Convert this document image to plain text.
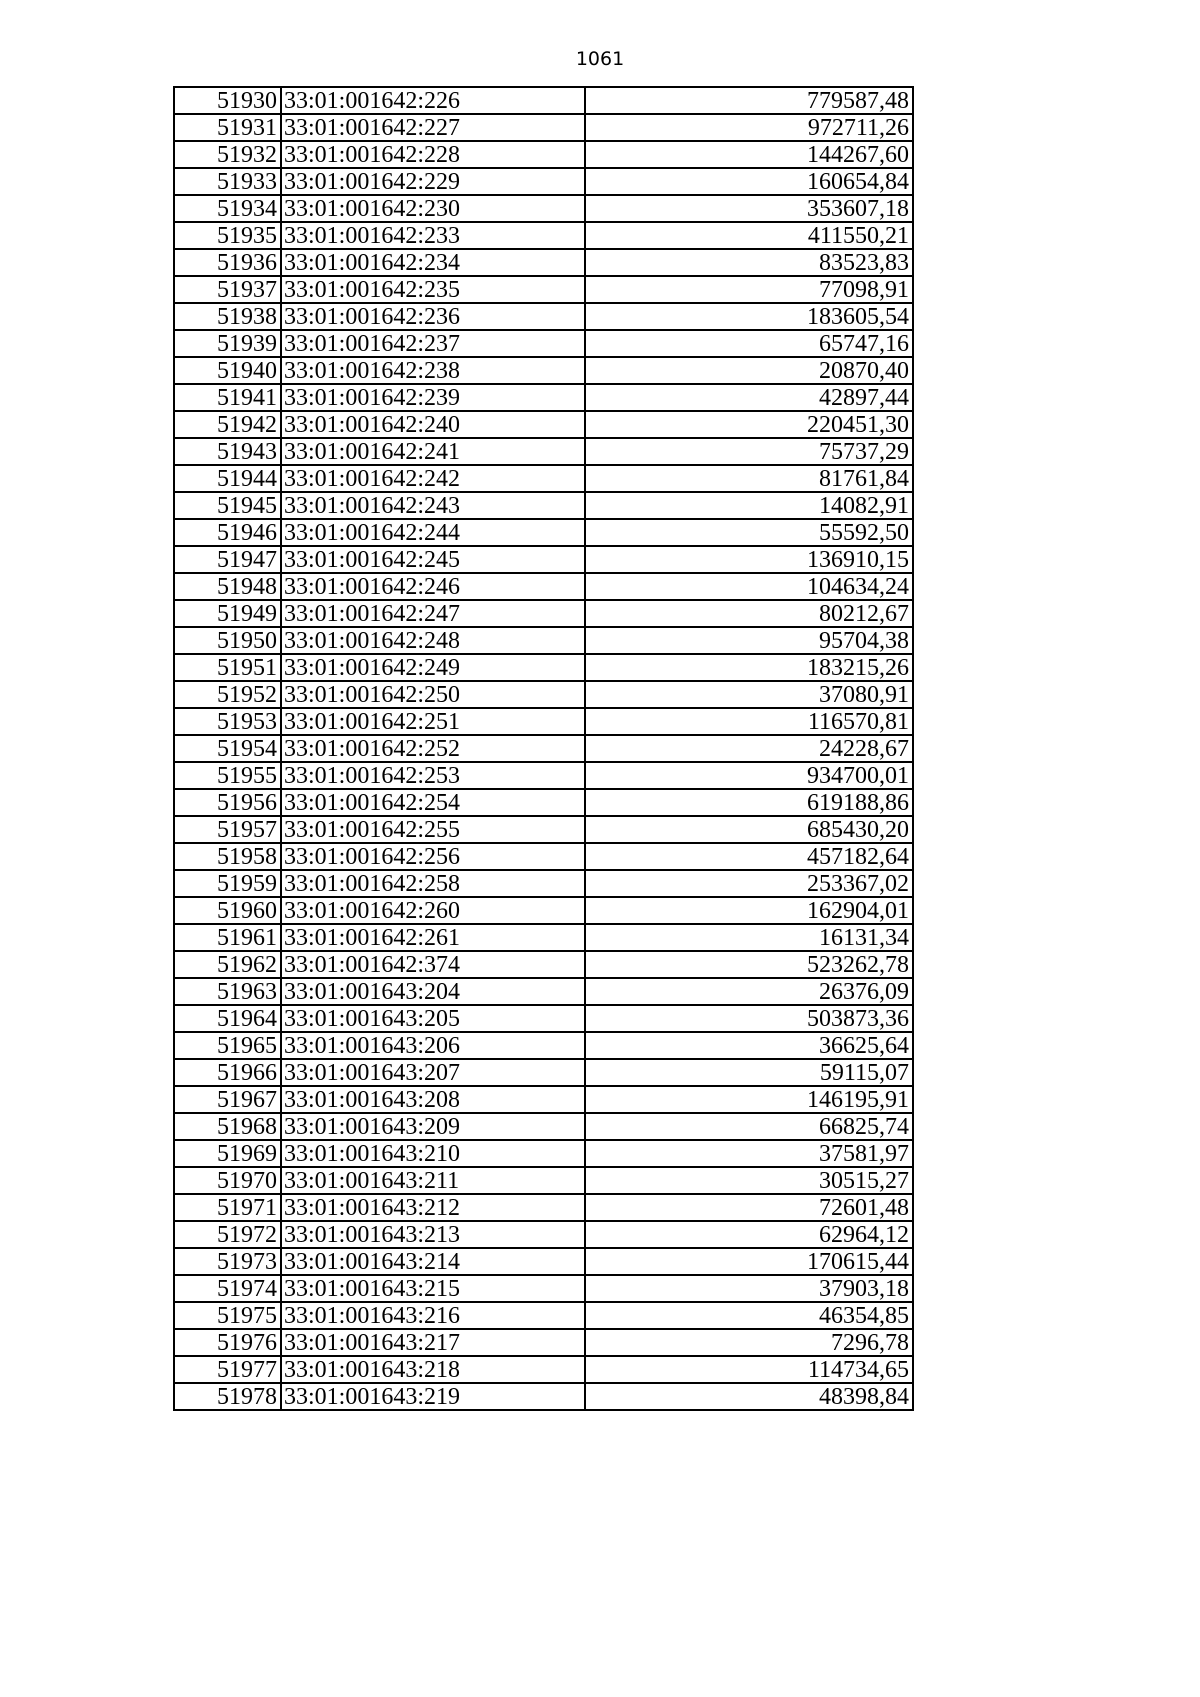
1061
51930	33:01:001642:226	779587,48
51931	33:01:001642:227	972711,26
51932	33:01:001642:228	144267,60
51933	33:01:001642:229	160654,84
51934	33:01:001642:230	353607,18
51935	33:01:001642:233	411550,21
51936	33:01:001642:234	83523,83
51937	33:01:001642:235	77098,91
51938	33:01:001642:236	183605,54
51939	33:01:001642:237	65747,16
51940	33:01:001642:238	20870,40
51941	33:01:001642:239	42897,44
51942	33:01:001642:240	220451,30
51943	33:01:001642:241	75737,29
51944	33:01:001642:242	81761,84
51945	33:01:001642:243	14082,91
51946	33:01:001642:244	55592,50
51947	33:01:001642:245	136910,15
51948	33:01:001642:246	104634,24
51949	33:01:001642:247	80212,67
51950	33:01:001642:248	95704,38
51951	33:01:001642:249	183215,26
51952	33:01:001642:250	37080,91
51953	33:01:001642:251	116570,81
51954	33:01:001642:252	24228,67
51955	33:01:001642:253	934700,01
51956	33:01:001642:254	619188,86
51957	33:01:001642:255	685430,20
51958	33:01:001642:256	457182,64
51959	33:01:001642:258	253367,02
51960	33:01:001642:260	162904,01
51961	33:01:001642:261	16131,34
51962	33:01:001642:374	523262,78
51963	33:01:001643:204	26376,09
51964	33:01:001643:205	503873,36
51965	33:01:001643:206	36625,64
51966	33:01:001643:207	59115,07
51967	33:01:001643:208	146195,91
51968	33:01:001643:209	66825,74
51969	33:01:001643:210	37581,97
51970	33:01:001643:211	30515,27
51971	33:01:001643:212	72601,48
51972	33:01:001643:213	62964,12
51973	33:01:001643:214	170615,44
51974	33:01:001643:215	37903,18
51975	33:01:001643:216	46354,85
51976	33:01:001643:217	7296,78
51977	33:01:001643:218	114734,65
51978	33:01:001643:219	48398,84
